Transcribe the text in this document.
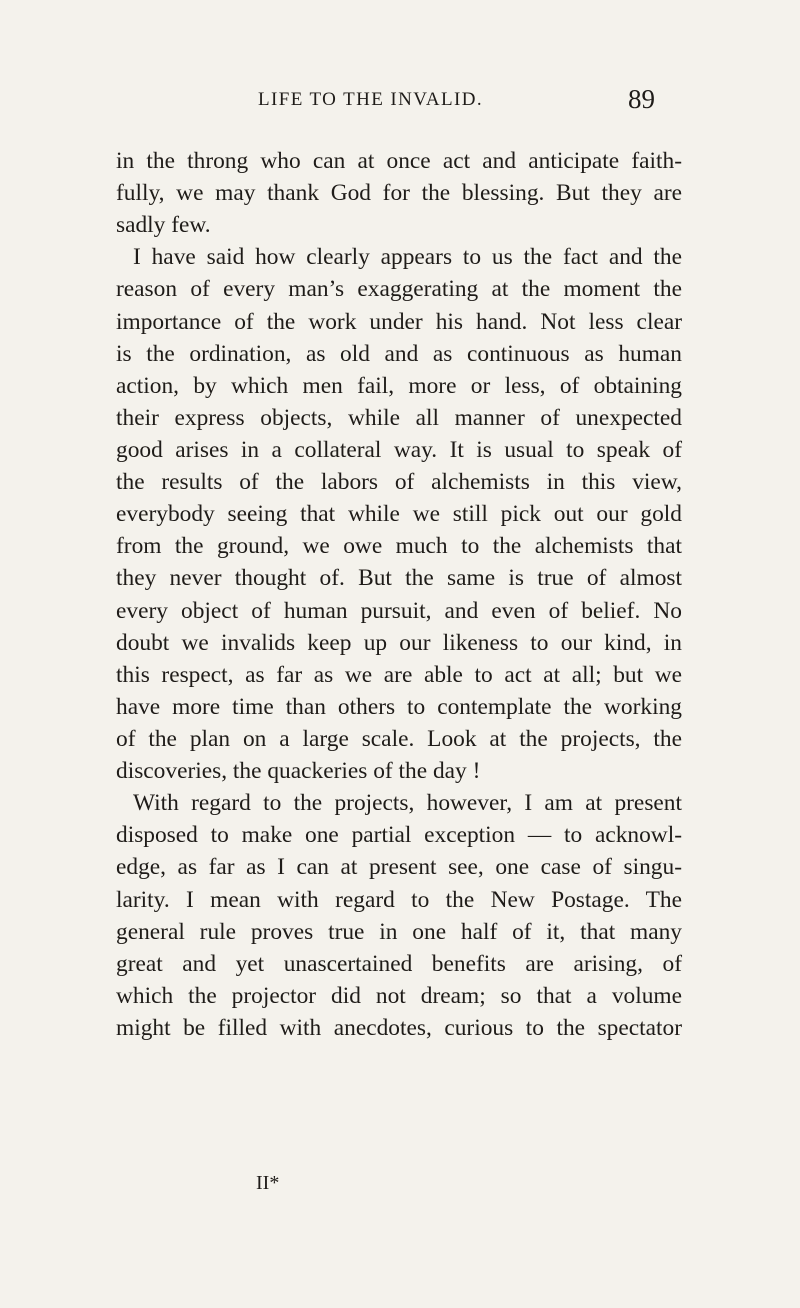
LIFE TO THE INVALID.	89
in the throng who can at once act and anticipate faith-
fully, we may thank God for the blessing. But they are
sadly few.
I have said how clearly appears to us the fact and the
reason of every man’s exaggerating at the moment the
importance of the work under his hand. Not less clear
is the ordination, as old and as continuous as human
action, by which men fail, more or less, of obtaining
their express objects, while all manner of unexpected
good arises in a collateral way. It is usual to speak of
the results of the labors of alchemists in this view,
everybody seeing that while we still pick out our gold
from the ground, we owe much to the alchemists that
they never thought of. But the same is true of almost
every object of human pursuit, and even of belief. No
doubt we invalids keep up our likeness to our kind, in
this respect, as far as we are able to act at all; but we
have more time than others to contemplate the working
of the plan on a large scale. Look at the projects, the
discoveries, the quackeries of the day !
With regard to the projects, however, I am at present
disposed to make one partial exception — to acknowl-
edge, as far as I can at present see, one case of singu-
larity. I mean with regard to the New Postage. The
general rule proves true in one half of it, that many
great and yet unascertained benefits are arising, of
which the projector did not dream; so that a volume
might be filled with anecdotes, curious to the spectator
II*
